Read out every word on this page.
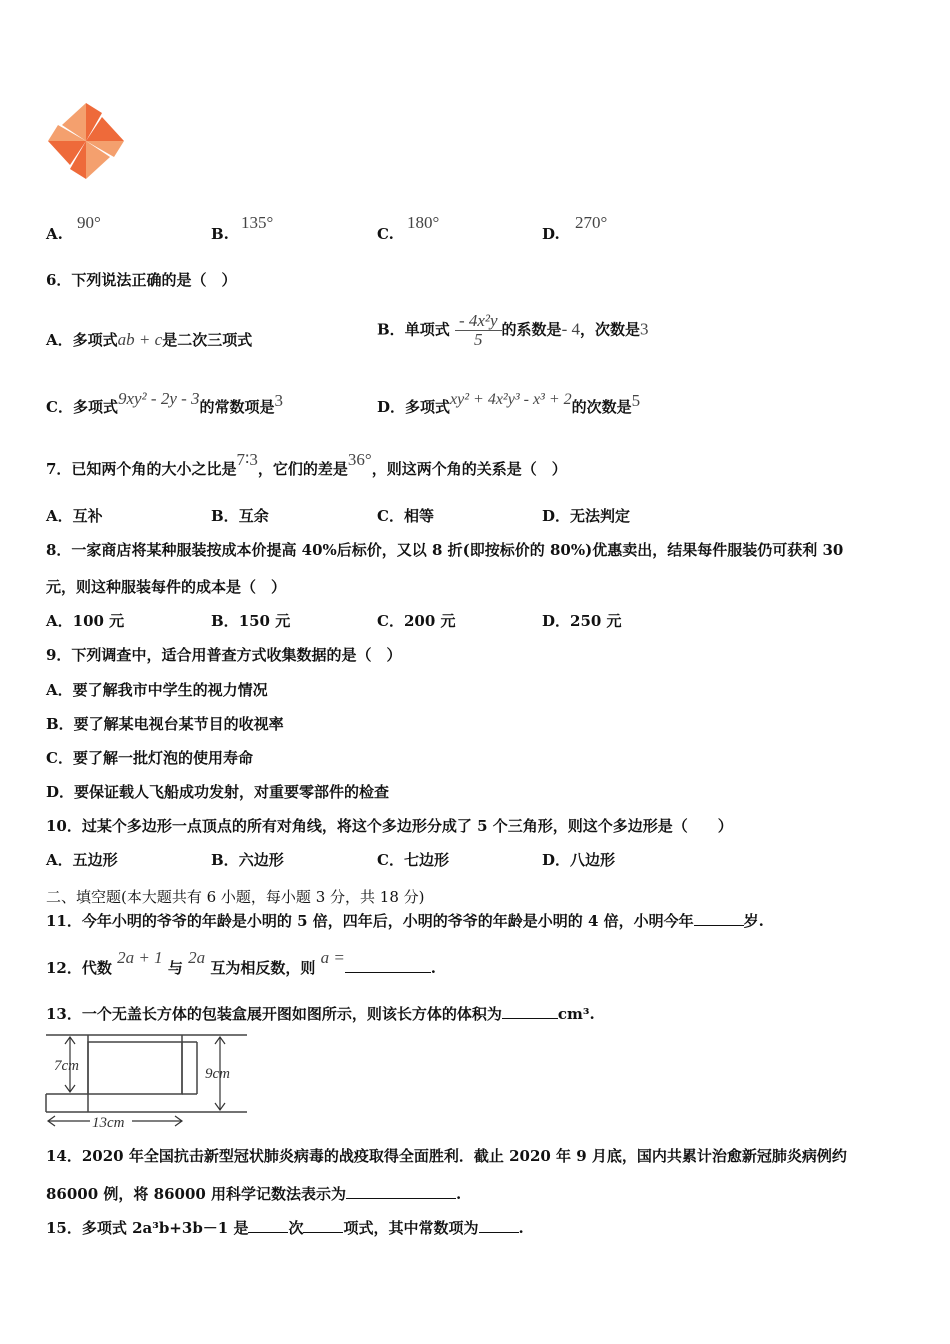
A.
90°
B.
135°
C.
180°
D.
270°
6．下列说法正确的是（　）
A．多项式ab + c是二次三项式
B．单项式 $\frac{\text{- 4x²y}}{5}$ 的系数是- 4，次数是3
C．多项式9xy² - 2y - 3的常数项是3	D．多项式xy² + 4x²y³ - x³ + 2的次数是5
7．已知两个角的大小之比是7∶3，它们的差是36°，则这两个角的关系是（　）
A．互补	B．互余	C．相等	D．无法判定
8．一家商店将某种服装按成本价提高 40%后标价，又以 8 折(即按标价的 80%)优惠卖出，结果每件服装仍可获利 30
元，则这种服装每件的成本是（　）
A．100 元	B．150 元	C．200 元	D．250 元
9．下列调查中，适合用普查方式收集数据的是（　）
A．要了解我市中学生的视力情况
B．要了解某电视台某节目的收视率
C．要了解一批灯泡的使用寿命
D．要保证载人飞船成功发射，对重要零部件的检查
10．过某个多边形一点顶点的所有对角线，将这个多边形分成了 5 个三角形，则这个多边形是（　　）
A．五边形	B．六边形	C．七边形	D．八边形
二、填空题(本大题共有 6 小题，每小题 3 分，共 18 分)
11．今年小明的爷爷的年龄是小明的 5 倍，四年后，小明的爷爷的年龄是小明的 4 倍，小明今年	岁.
12．代数 2a + 1 与 2a 互为相反数，则 a =.
13．一个无盖长方体的包装盒展开图如图所示，则该长方体的体积为	cm³.
7cm	9cm
13cm
14．2020 年全国抗击新型冠状肺炎病毒的战疫取得全面胜利．截止 2020 年 9 月底，国内共累计治愈新冠肺炎病例约
86000 例，将 86000 用科学记数法表示为	.
15．多项式 2a³b+3b－1 是	次	项式，其中常数项为	.
